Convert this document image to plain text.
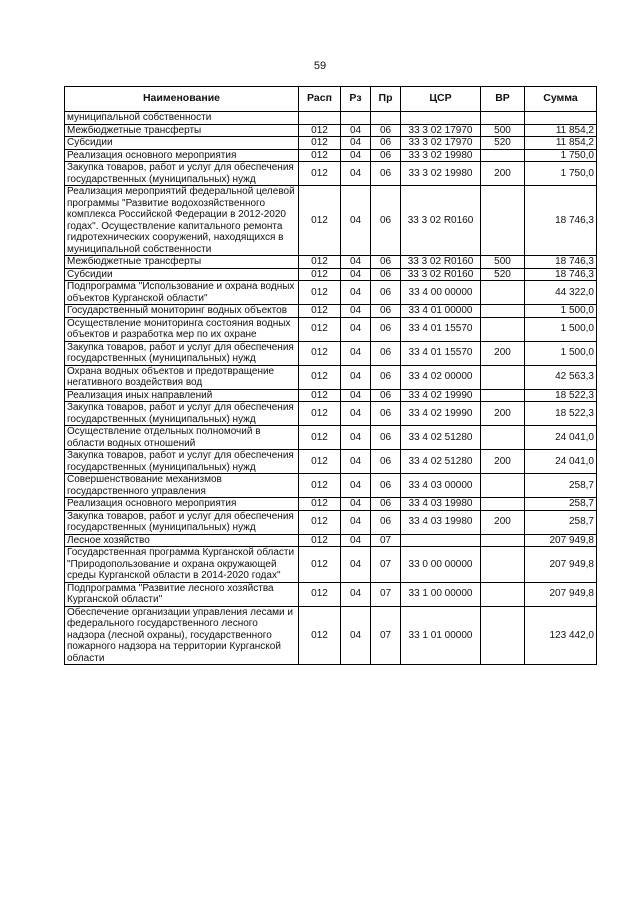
59
Наименование	Расп	Рз	Пр	ЦСР	ВР	Сумма
муниципальной собственности						
Межбюджетные трансферты	012	04	06	33 3 02 17970	500	11 854,2
Субсидии	012	04	06	33 3 02 17970	520	11 854,2
Реализация основного мероприятия	012	04	06	33 3 02 19980		1 750,0
Закупка товаров, работ и услуг для обеспечения государственных (муниципальных) нужд	012	04	06	33 3 02 19980	200	1 750,0
Реализация мероприятий федеральной целевой программы "Развитие водохозяйственного комплекса Российской Федерации в 2012-2020 годах". Осуществление капитального ремонта гидротехнических сооружений, находящихся в муниципальной собственности	012	04	06	33 3 02 R0160		18 746,3
Межбюджетные трансферты	012	04	06	33 3 02 R0160	500	18 746,3
Субсидии	012	04	06	33 3 02 R0160	520	18 746,3
Подпрограмма "Использование и охрана водных объектов Курганской области"	012	04	06	33 4 00 00000		44 322,0
Государственный мониторинг водных объектов	012	04	06	33 4 01 00000		1 500,0
Осуществление мониторинга состояния водных объектов и разработка мер по их охране	012	04	06	33 4 01 15570		1 500,0
Закупка товаров, работ и услуг для обеспечения государственных (муниципальных) нужд	012	04	06	33 4 01 15570	200	1 500,0
Охрана водных объектов и предотвращение негативного воздействия вод	012	04	06	33 4 02 00000		42 563,3
Реализация иных направлений	012	04	06	33 4 02 19990		18 522,3
Закупка товаров, работ и услуг для обеспечения государственных (муниципальных) нужд	012	04	06	33 4 02 19990	200	18 522,3
Осуществление отдельных полномочий в области водных отношений	012	04	06	33 4 02 51280		24 041,0
Закупка товаров, работ и услуг для обеспечения государственных (муниципальных) нужд	012	04	06	33 4 02 51280	200	24 041,0
Совершенствование механизмов государственного управления	012	04	06	33 4 03 00000		258,7
Реализация основного мероприятия	012	04	06	33 4 03 19980		258,7
Закупка товаров, работ и услуг для обеспечения государственных (муниципальных) нужд	012	04	06	33 4 03 19980	200	258,7
Лесное хозяйство	012	04	07			207 949,8
Государственная программа Курганской области "Природопользование и охрана окружающей среды Курганской области в 2014-2020 годах"	012	04	07	33 0 00 00000		207 949,8
Подпрограмма "Развитие лесного хозяйства Курганской области"	012	04	07	33 1 00 00000		207 949,8
Обеспечение организации управления лесами и федерального государственного лесного надзора (лесной охраны), государственного пожарного надзора на территории Курганской области	012	04	07	33 1 01 00000		123 442,0
